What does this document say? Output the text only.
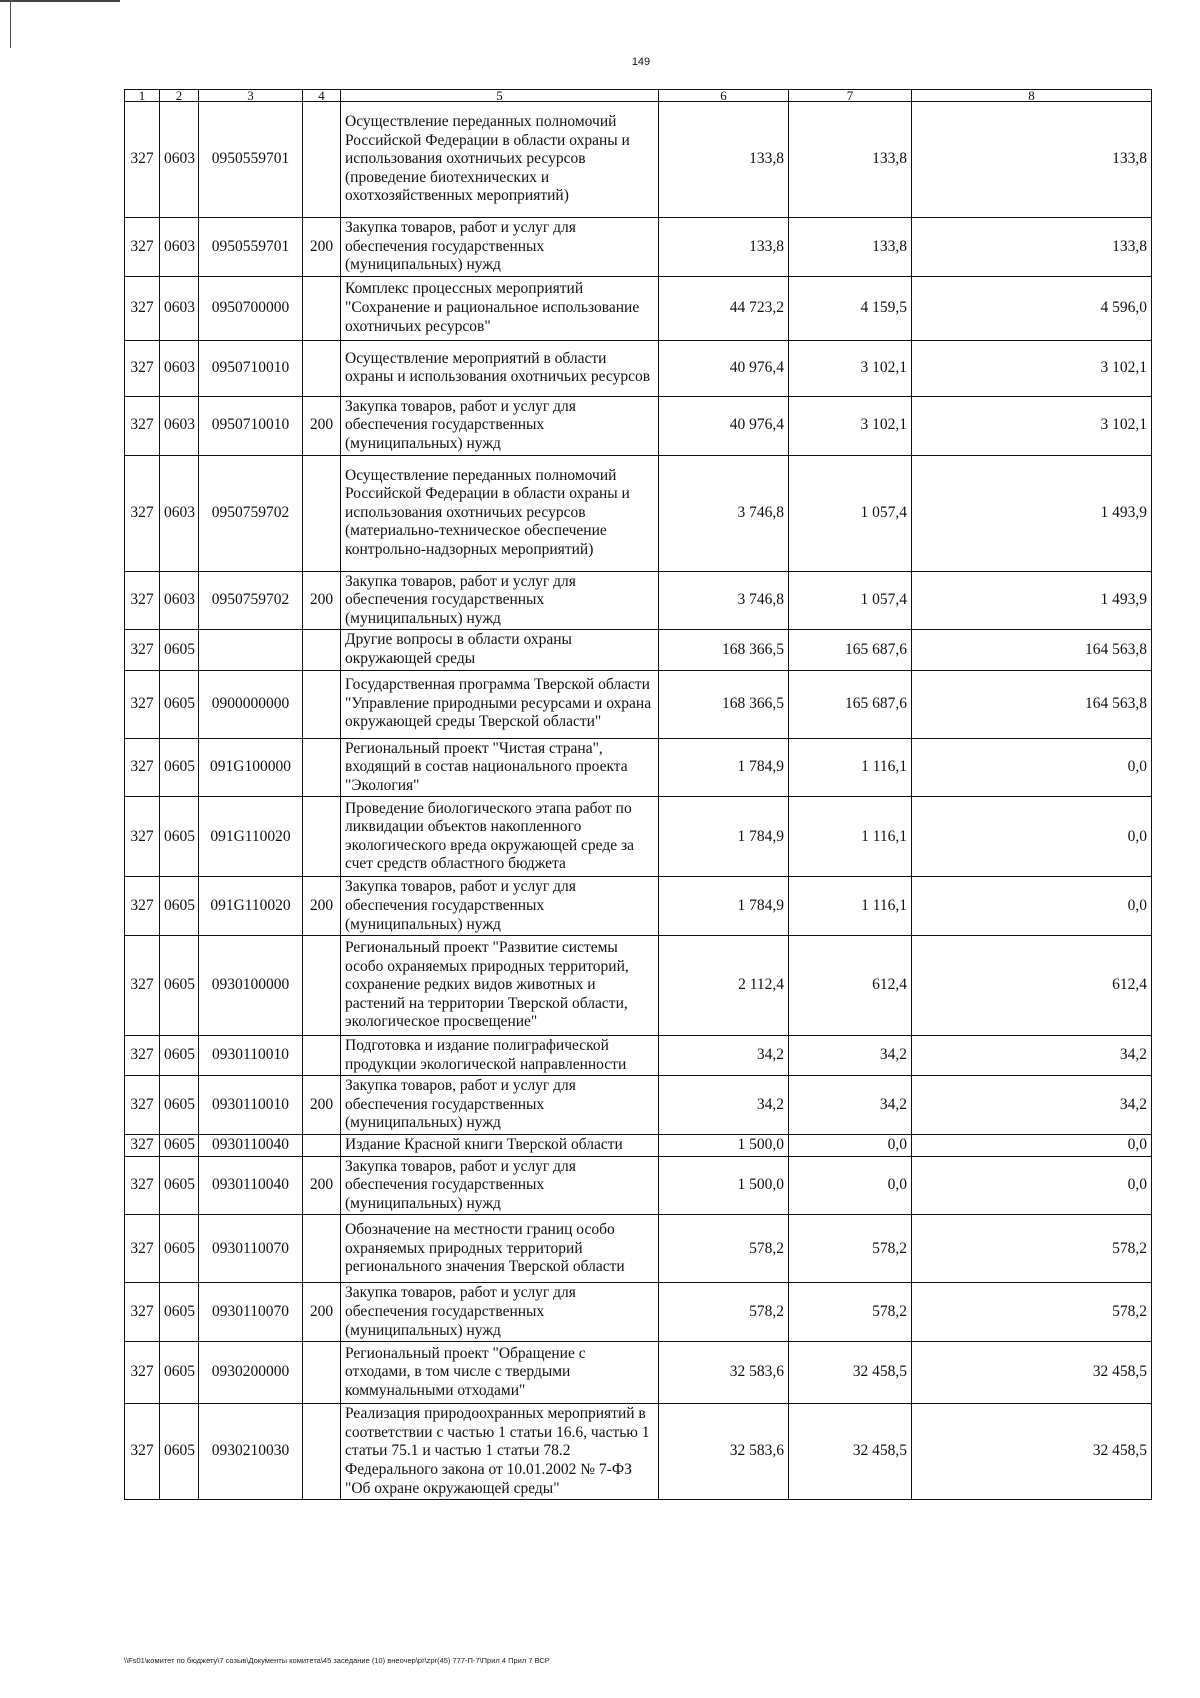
149
1	2	3	4	5	6	7	8
327	0603	0950559701		Осуществление переданных полномочий Российской Федерации в области охраны и использования охотничьих ресурсов (проведение биотехнических и охотхозяйственных мероприятий)	133,8	133,8	133,8
327	0603	0950559701	200	Закупка товаров, работ и услуг для обеспечения государственных (муниципальных) нужд	133,8	133,8	133,8
327	0603	0950700000		Комплекс процессных мероприятий "Сохранение и рациональное использование охотничьих ресурсов"	44 723,2	4 159,5	4 596,0
327	0603	0950710010		Осуществление мероприятий в области охраны и использования охотничьих ресурсов	40 976,4	3 102,1	3 102,1
327	0603	0950710010	200	Закупка товаров, работ и услуг для обеспечения государственных (муниципальных) нужд	40 976,4	3 102,1	3 102,1
327	0603	0950759702		Осуществление переданных полномочий Российской Федерации в области охраны и использования охотничьих ресурсов (материально-техническое обеспечение контрольно-надзорных мероприятий)	3 746,8	1 057,4	1 493,9
327	0603	0950759702	200	Закупка товаров, работ и услуг для обеспечения государственных (муниципальных) нужд	3 746,8	1 057,4	1 493,9
327	0605			Другие вопросы в области охраны окружающей среды	168 366,5	165 687,6	164 563,8
327	0605	0900000000		Государственная программа Тверской области "Управление природными ресурсами и охрана окружающей среды Тверской области"	168 366,5	165 687,6	164 563,8
327	0605	091G100000		Региональный проект "Чистая страна", входящий в состав национального проекта "Экология"	1 784,9	1 116,1	0,0
327	0605	091G110020		Проведение биологического этапа работ по ликвидации объектов накопленного экологического вреда окружающей среде за счет средств областного бюджета	1 784,9	1 116,1	0,0
327	0605	091G110020	200	Закупка товаров, работ и услуг для обеспечения государственных (муниципальных) нужд	1 784,9	1 116,1	0,0
327	0605	0930100000		Региональный проект "Развитие системы особо охраняемых природных территорий, сохранение редких видов животных и растений на территории Тверской области, экологическое просвещение"	2 112,4	612,4	612,4
327	0605	0930110010		Подготовка и издание полиграфической продукции экологической направленности	34,2	34,2	34,2
327	0605	0930110010	200	Закупка товаров, работ и услуг для обеспечения государственных (муниципальных) нужд	34,2	34,2	34,2
327	0605	0930110040		Издание Красной книги Тверской области	1 500,0	0,0	0,0
327	0605	0930110040	200	Закупка товаров, работ и услуг для обеспечения государственных (муниципальных) нужд	1 500,0	0,0	0,0
327	0605	0930110070		Обозначение на местности границ особо охраняемых природных территорий регионального значения Тверской области	578,2	578,2	578,2
327	0605	0930110070	200	Закупка товаров, работ и услуг для обеспечения государственных (муниципальных) нужд	578,2	578,2	578,2
327	0605	0930200000		Региональный проект "Обращение с отходами, в том числе с твердыми коммунальными отходами"	32 583,6	32 458,5	32 458,5
327	0605	0930210030		Реализация природоохранных мероприятий в соответствии с частью 1 статьи 16.6, частью 1 статьи 75.1 и частью 1 статьи 78.2 Федерального закона от 10.01.2002 № 7-ФЗ "Об охране окружающей среды"	32 583,6	32 458,5	32 458,5
\\Fs01\комитет по бюджету\7 созыв\Документы комитета\45 заседание (10) внеочер\pr\zpr(45) 777-П-7\Прил 4 Прил 7 ВСР
